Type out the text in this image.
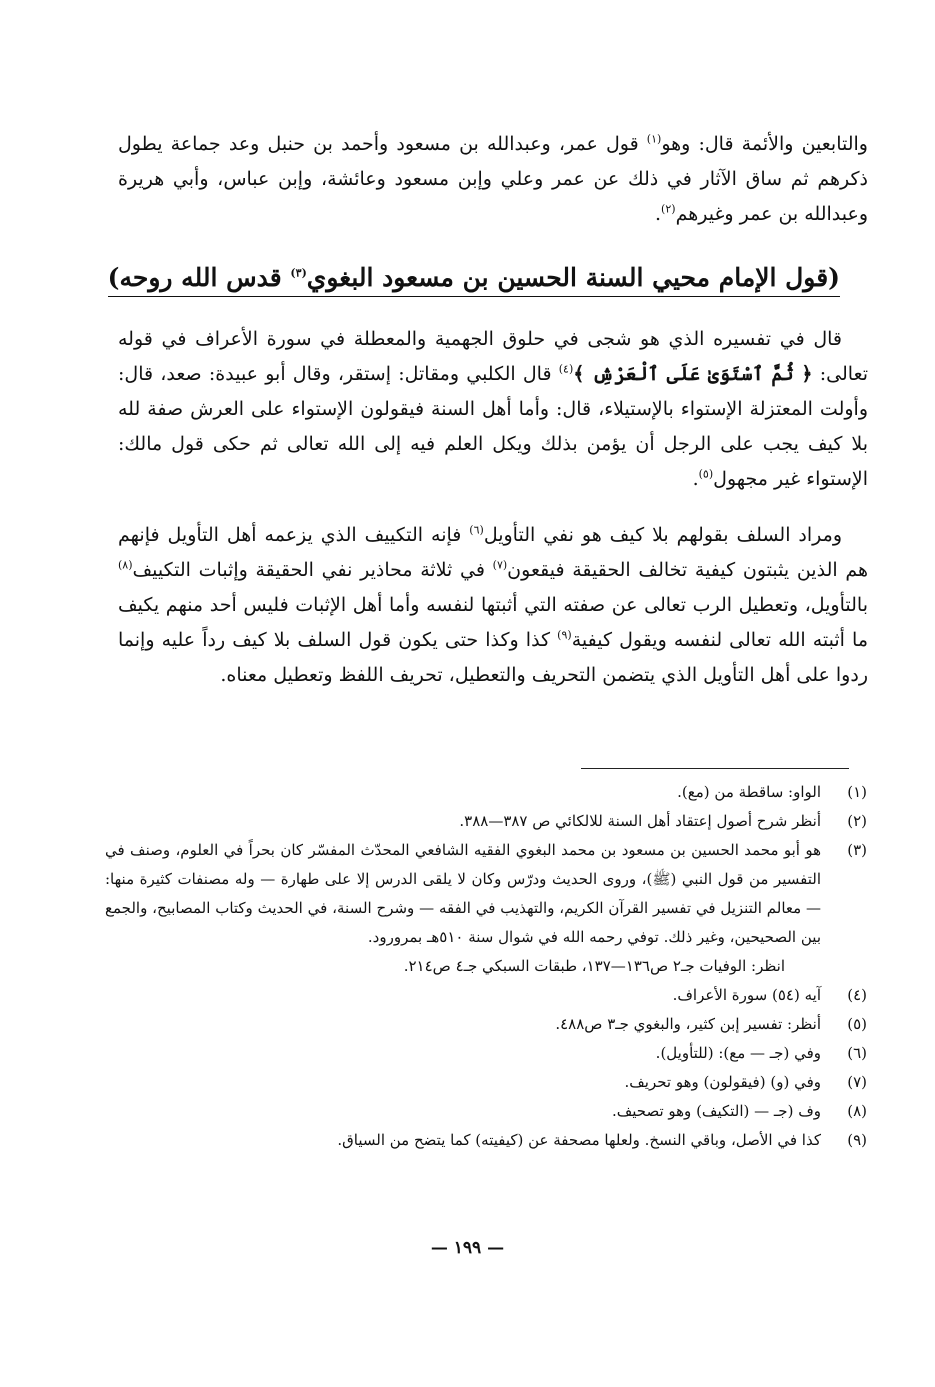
والتابعين والأئمة قال: وهو$^{(١)}$ قول عمر، وعبدالله بن مسعود وأحمد بن حنبل وعد جماعة يطول ذكرهم ثم ساق الآثار في ذلك عن عمر وعلي وإبن مسعود وعائشة، وإبن عباس، وأبي هريرة وعبدالله بن عمر وغيرهم$^{(٢)}$.
(قول الإمام محيي السنة الحسين بن مسعود البغوي$^{(٣)}$ قدس الله روحه)
قال في تفسيره الذي هو شجى في حلوق الجهمية والمعطلة في سورة الأعراف في قوله تعالى: ﴿ ثُمَّ ٱسْتَوَىٰ عَلَى ٱلْعَرْشِ ﴾$^{(٤)}$ قال الكلبي ومقاتل: إستقر، وقال أبو عبيدة: صعد، قال: وأولت المعتزلة الإستواء بالإستيلاء، قال: وأما أهل السنة فيقولون الإستواء على العرش صفة لله بلا كيف يجب على الرجل أن يؤمن بذلك ويكل العلم فيه إلى الله تعالى ثم حكى قول مالك: الإستواء غير مجهول$^{(٥)}$.
ومراد السلف بقولهم بلا كيف هو نفي التأويل$^{(٦)}$ فإنه التكييف الذي يزعمه أهل التأويل فإنهم هم الذين يثبتون كيفية تخالف الحقيقة فيقعون$^{(٧)}$ في ثلاثة محاذير نفي الحقيقة وإثبات التكييف$^{(٨)}$ بالتأويل، وتعطيل الرب تعالى عن صفته التي أثبتها لنفسه وأما أهل الإثبات فليس أحد منهم يكيف ما أثبته الله تعالى لنفسه ويقول كيفية$^{(٩)}$ كذا وكذا حتى يكون قول السلف بلا كيف رداً عليه وإنما ردوا على أهل التأويل الذي يتضمن التحريف والتعطيل، تحريف اللفظ وتعطيل معناه.
(١)
الواو: ساقطة من (مع).
(٢)
أنظر شرح أصول إعتقاد أهل السنة للالكائي ص ٣٨٧—٣٨٨.
(٣)
هو أبو محمد الحسين بن مسعود بن محمد البغوي الفقيه الشافعي المحدّث المفسّر كان بحراً في العلوم، وصنف في التفسير من قول النبي (ﷺ)، وروى الحديث ودرّس وكان لا يلقى الدرس إلا على طهارة — وله مصنفات كثيرة منها: — معالم التنزيل في تفسير القرآن الكريم، والتهذيب في الفقه — وشرح السنة، في الحديث وكتاب المصابيح، والجمع بين الصحيحين، وغير ذلك. توفي رحمه الله في شوال سنة ٥١٠هـ بمرورود.
انظر: الوفيات جـ٢ ص١٣٦—١٣٧، طبقات السبكي جـ٤ ص٢١٤.
(٤)
آيه (٥٤) سورة الأعراف.
(٥)
أنظر: تفسير إبن كثير، والبغوي جـ٣ ص٤٨٨.
(٦)
وفي (جـ — مع): (للتأويل).
(٧)
وفي (و) (فيقولون) وهو تحريف.
(٨)
وف (جـ — (التكيف) وهو تصحيف.
(٩)
كذا في الأصل، وباقي النسخ. ولعلها مصحفة عن (كيفيته) كما يتضح من السياق.
— ١٩٩ —
